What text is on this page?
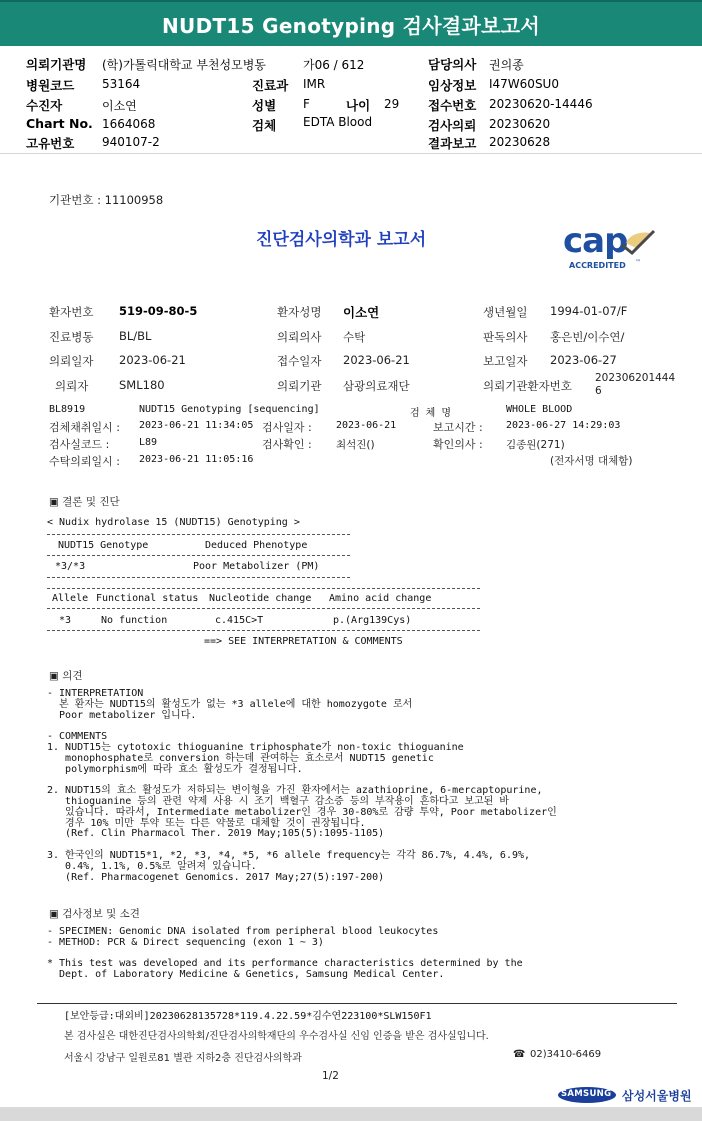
NUDT15 Genotyping 검사결과보고서
의뢰기관명 (학)가톨릭대학교 부천성모병동	가06 / 612	담당의사 권의종
병원코드 53164	진료과 IMR	임상정보 I47W60SU0
수진자	이소연	성별 F	나이 29 접수번호 20230620-14446
Chart No. 1664068	검체 EDTA Blood	검사의뢰 20230620
고유번호 940107-2	결과보고 20230628
기관번호 : 11100958
진단검사의학과 보고서	cap
ACCREDITED ™
환자번호 519-09-80-5	환자성명 이소연	생년월일 1994-01-07/F
진료병동 BL/BL	의뢰의사 수탁	판독의사 홍은빈/이수연/
의뢰일자 2023-06-21	접수일자 2023-06-21	보고일자 2023-06-27
의뢰자	SML180	의뢰기관 삼광의료재단	의뢰기관환자번호
202306201444
6
BL8919	NUDT15 Genotyping [sequencing]	검 체 명	WHOLE BLOOD
검체채취일시 : 2023-06-21 11:34:05 검사일자 : 2023-06-21	보고시간 : 2023-06-27 14:29:03
검사실코드 :	L89	검사확인 : 최석진()	확인의사 : 김종원(271)
수탁의뢰일시 : 2023-06-21 11:05:16	(전자서명 대체함)
▣ 결론 및 진단
< Nudix hydrolase 15 (NUDT15) Genotyping >
NUDT15 Genotype	Deduced Phenotype
*3/*3	Poor Metabolizer (PM)
Allele Functional status Nucleotide change Amino acid change
*3	No function	c.415C>T	p.(Arg139Cys)
==> SEE INTERPRETATION & COMMENTS
▣ 의견
- INTERPRETATION
본 환자는 NUDT15의 활성도가 없는 *3 allele에 대한 homozygote 로서
Poor metabolizer 입니다.
- COMMENTS
1. NUDT15는 cytotoxic thioguanine triphosphate가 non-toxic thioguanine
monophosphate로 conversion 하는데 관여하는 효소로서 NUDT15 genetic
polymorphism에 따라 효소 활성도가 결정됩니다.
2. NUDT15의 효소 활성도가 저하되는 변이형을 가진 환자에서는 azathioprine, 6-mercaptopurine,
thioguanine 등의 관련 약제 사용 시 조기 백혈구 감소증 등의 부작용이 흔하다고 보고된 바
있습니다. 따라서, Intermediate metabolizer인 경우 30-80%로 감량 투약, Poor metabolizer인
경우 10% 미만 투약 또는 다른 약물로 대체할 것이 권장됩니다.
(Ref. Clin Pharmacol Ther. 2019 May;105(5):1095-1105)
3. 한국인의 NUDT15*1, *2, *3, *4, *5, *6 allele frequency는 각각 86.7%, 4.4%, 6.9%,
0.4%, 1.1%, 0.5%로 알려져 있습니다.
(Ref. Pharmacogenet Genomics. 2017 May;27(5):197-200)
▣ 검사정보 및 소견
- SPECIMEN: Genomic DNA isolated from peripheral blood leukocytes
- METHOD: PCR & Direct sequencing (exon 1 ~ 3)
* This test was developed and its performance characteristics determined by the
Dept. of Laboratory Medicine & Genetics, Samsung Medical Center.
[보안등급:대외비]20230628135728*119.4.22.59*김수연223100*SLW150F1
본 검사실은 대한진단검사의학회/진단검사의학재단의 우수검사실 신임 인증을 받은 검사실입니다.
서울시 강남구 일원로81 별관 지하2층 진단검사의학과	☎ 02)3410-6469
1/2
SAMSUNG 삼성서울병원
